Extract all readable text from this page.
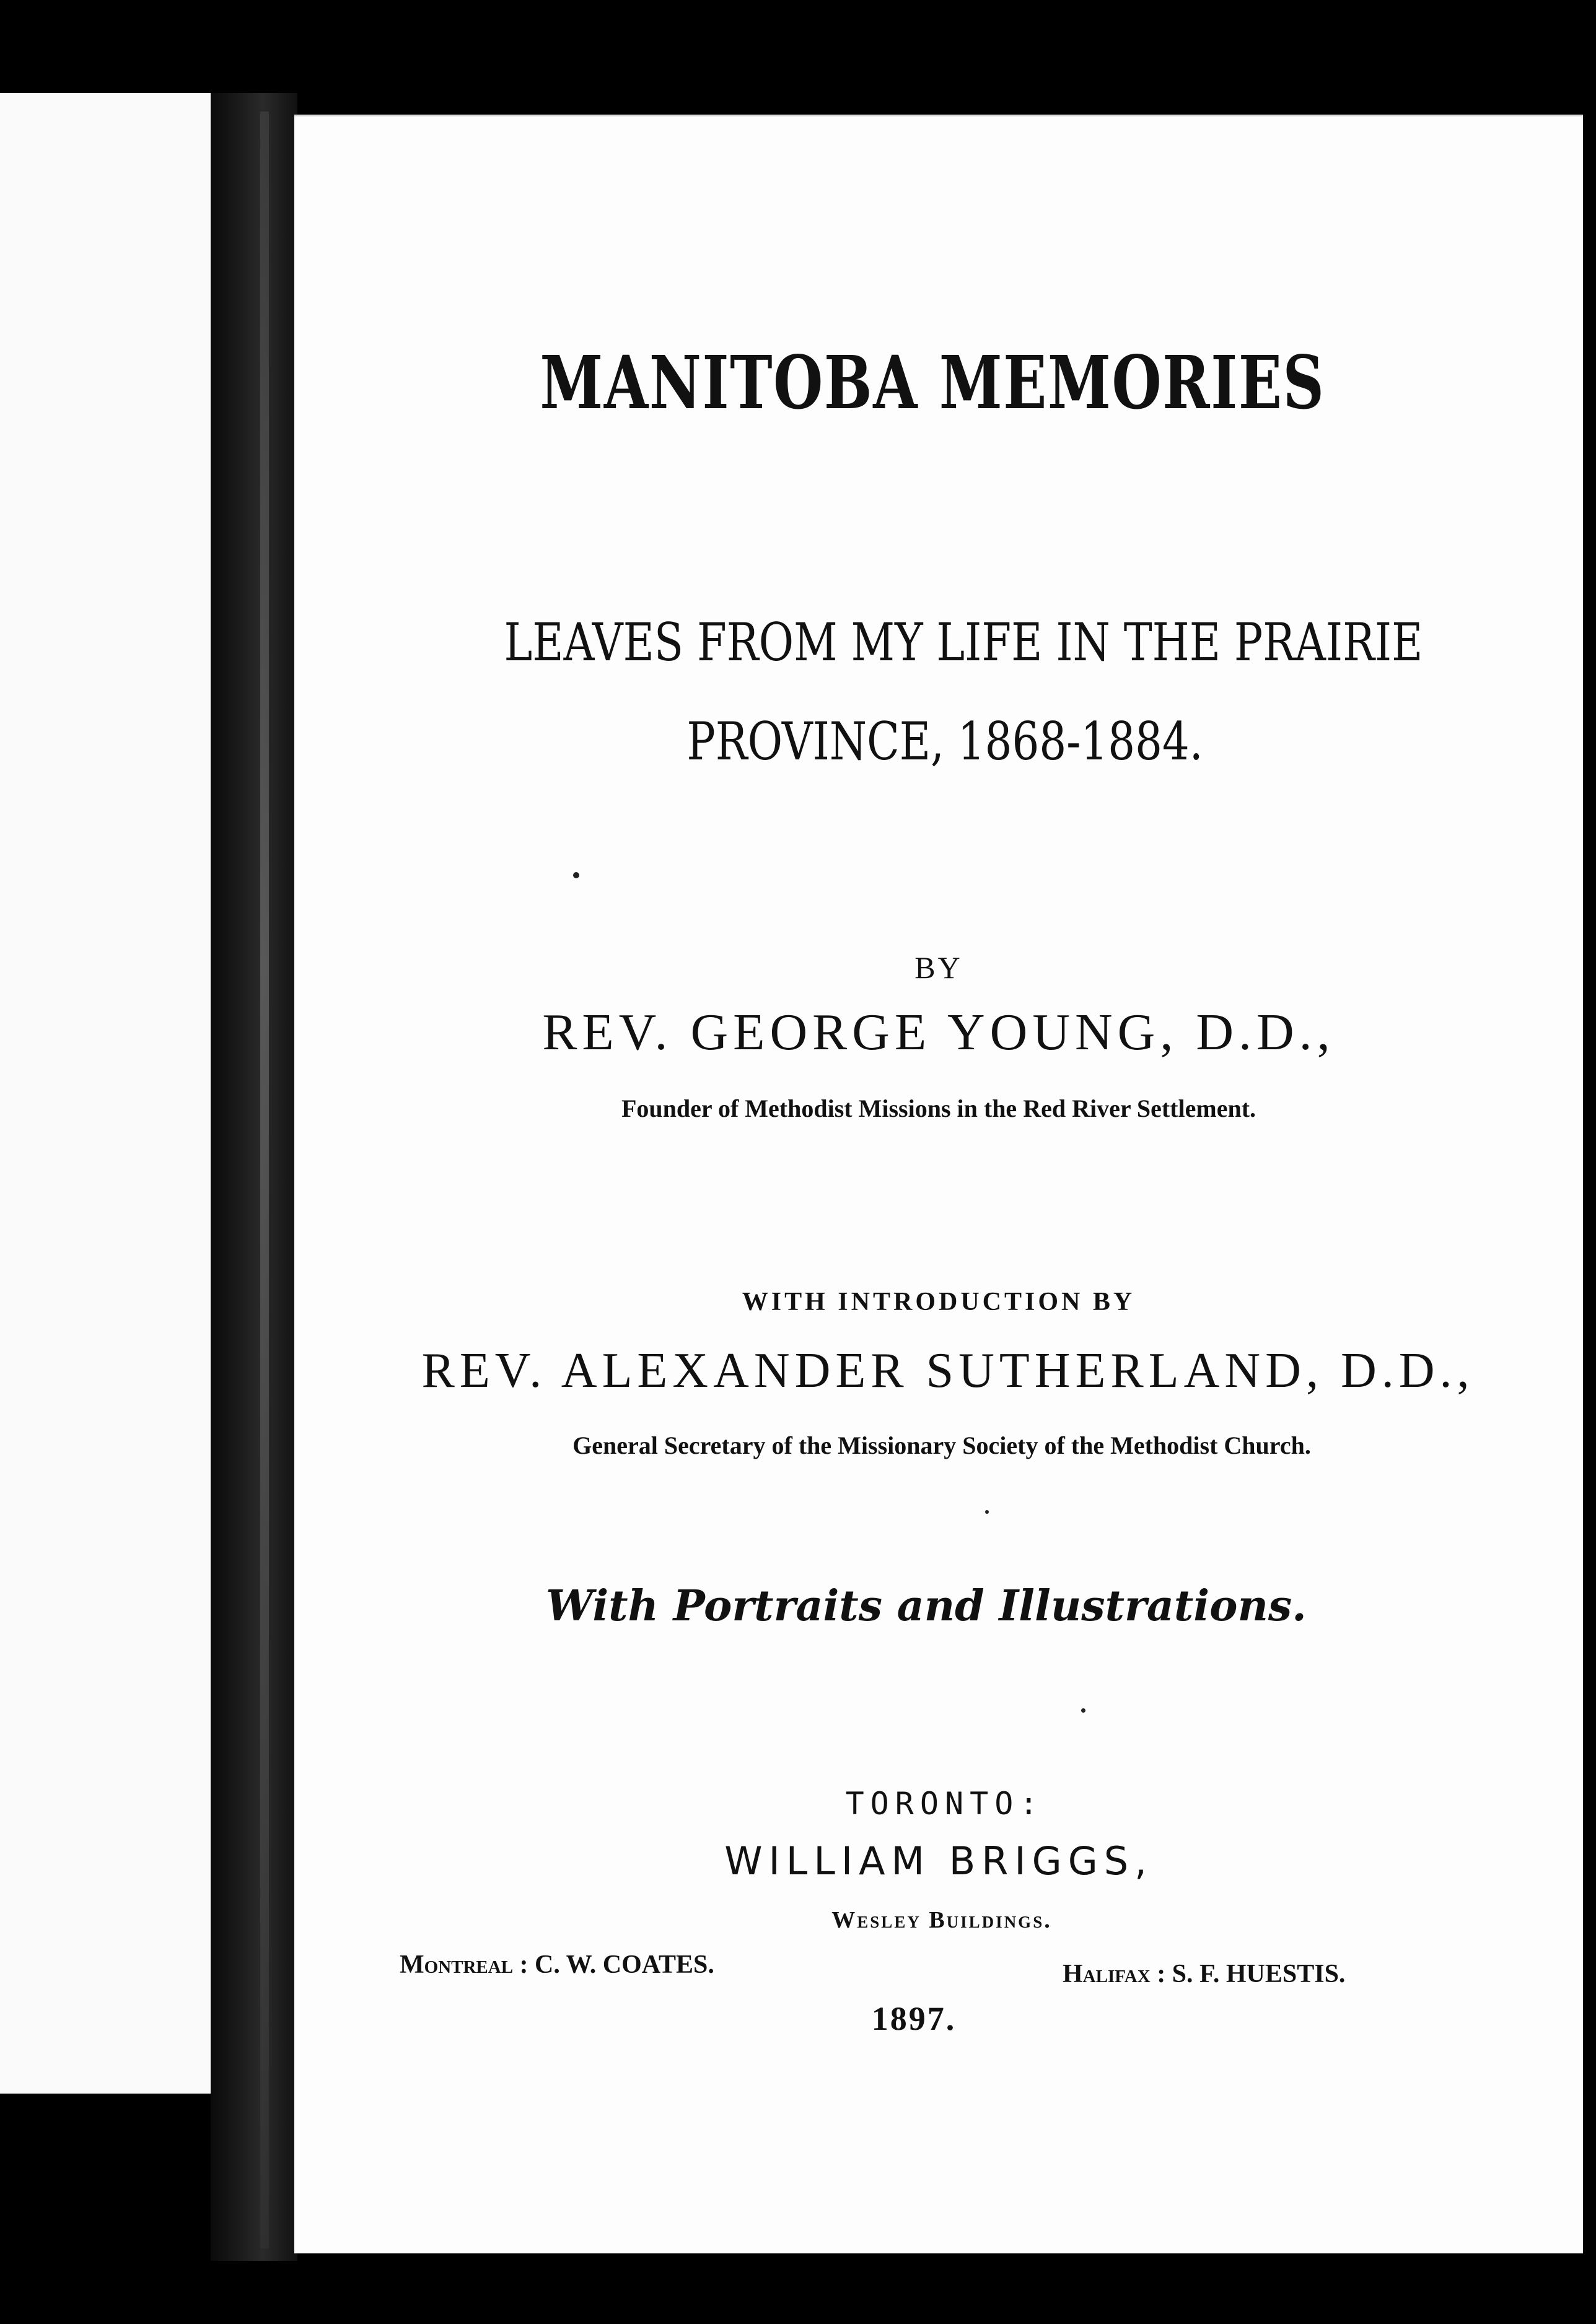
MANITOBA MEMORIES
LEAVES FROM MY LIFE IN THE PRAIRIE
PROVINCE, 1868-1884.
BY
REV. GEORGE YOUNG, D.D.,
Founder of Methodist Missions in the Red River Settlement.
WITH INTRODUCTION BY
REV. ALEXANDER SUTHERLAND, D.D.,
General Secretary of the Missionary Society of the Methodist Church.
With Portraits and Illustrations.
TORONTO:
WILLIAM BRIGGS,
Wesley Buildings.
Montreal : C. W. COATES.	Halifax : S. F. HUESTIS.
1897.
